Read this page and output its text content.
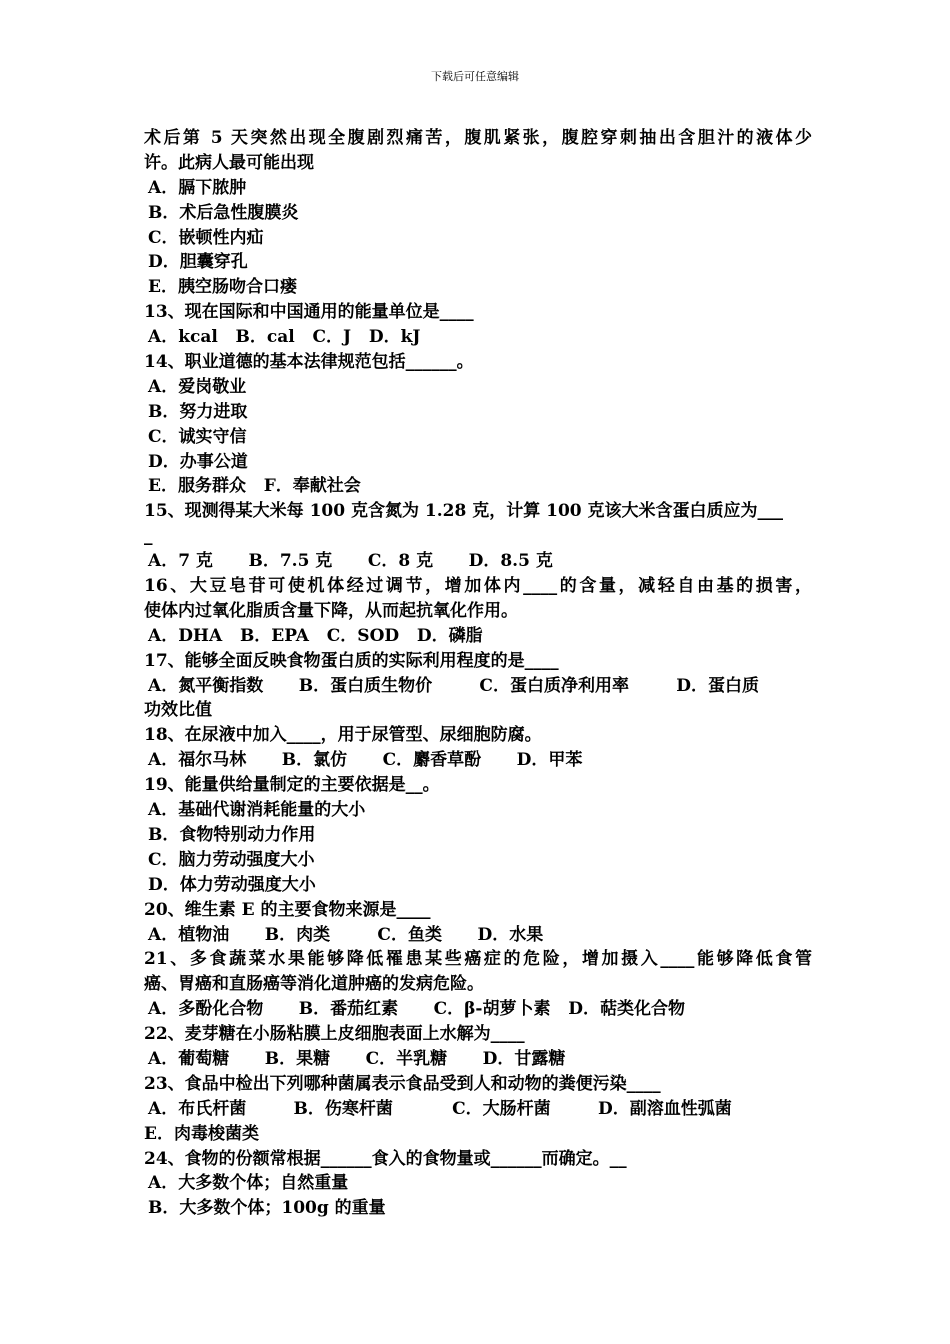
下载后可任意编辑
术后第 5 天突然出现全腹剧烈痛苦，腹肌紧张，腹腔穿刺抽出含胆汁的液体少
许。此病人最可能出现
A．膈下脓肿
B．术后急性腹膜炎
C．嵌顿性内疝
D．胆囊穿孔
E．胰空肠吻合口瘘
13、现在国际和中国通用的能量单位是____
A．kcal   B．cal   C．J   D．kJ
14、职业道德的基本法律规范包括______。
A．爱岗敬业
B．努力进取
C．诚实守信
D．办事公道
E．服务群众   F．奉献社会
15、现测得某大米每 100 克含氮为 1.28 克，计算 100 克该大米含蛋白质应为___
_
A．7 克      B．7.5 克      C．8 克      D．8.5 克
16、大豆皂苷可使机体经过调节，增加体内____的含量，减轻自由基的损害，
使体内过氧化脂质含量下降，从而起抗氧化作用。
A．DHA   B．EPA   C．SOD   D．磷脂
17、能够全面反映食物蛋白质的实际利用程度的是____
A．氮平衡指数      B．蛋白质生物价        C．蛋白质净利用率        D．蛋白质
功效比值
18、在尿液中加入____，用于尿管型、尿细胞防腐。
A．福尔马林      B．氯仿      C．麝香草酚      D．甲苯
19、能量供给量制定的主要依据是__。
A．基础代谢消耗能量的大小
B．食物特别动力作用
C．脑力劳动强度大小
D．体力劳动强度大小
20、维生素 E 的主要食物来源是____
A．植物油      B．肉类        C．鱼类      D．水果
21、多食蔬菜水果能够降低罹患某些癌症的危险，增加摄入____能够降低食管
癌、胃癌和直肠癌等消化道肿癌的发病危险。
A．多酚化合物      B．番茄红素      C．β-胡萝卜素   D．萜类化合物
22、麦芽糖在小肠粘膜上皮细胞表面上水解为____
A．葡萄糖      B．果糖      C．半乳糖      D．甘露糖
23、食品中检出下列哪种菌属表示食品受到人和动物的粪便污染____
A．布氏杆菌        B．伤寒杆菌          C．大肠杆菌        D．副溶血性弧菌
E．肉毒梭菌类
24、食物的份额常根据______食入的食物量或______而确定。__
A．大多数个体；自然重量
B．大多数个体；100g 的重量
